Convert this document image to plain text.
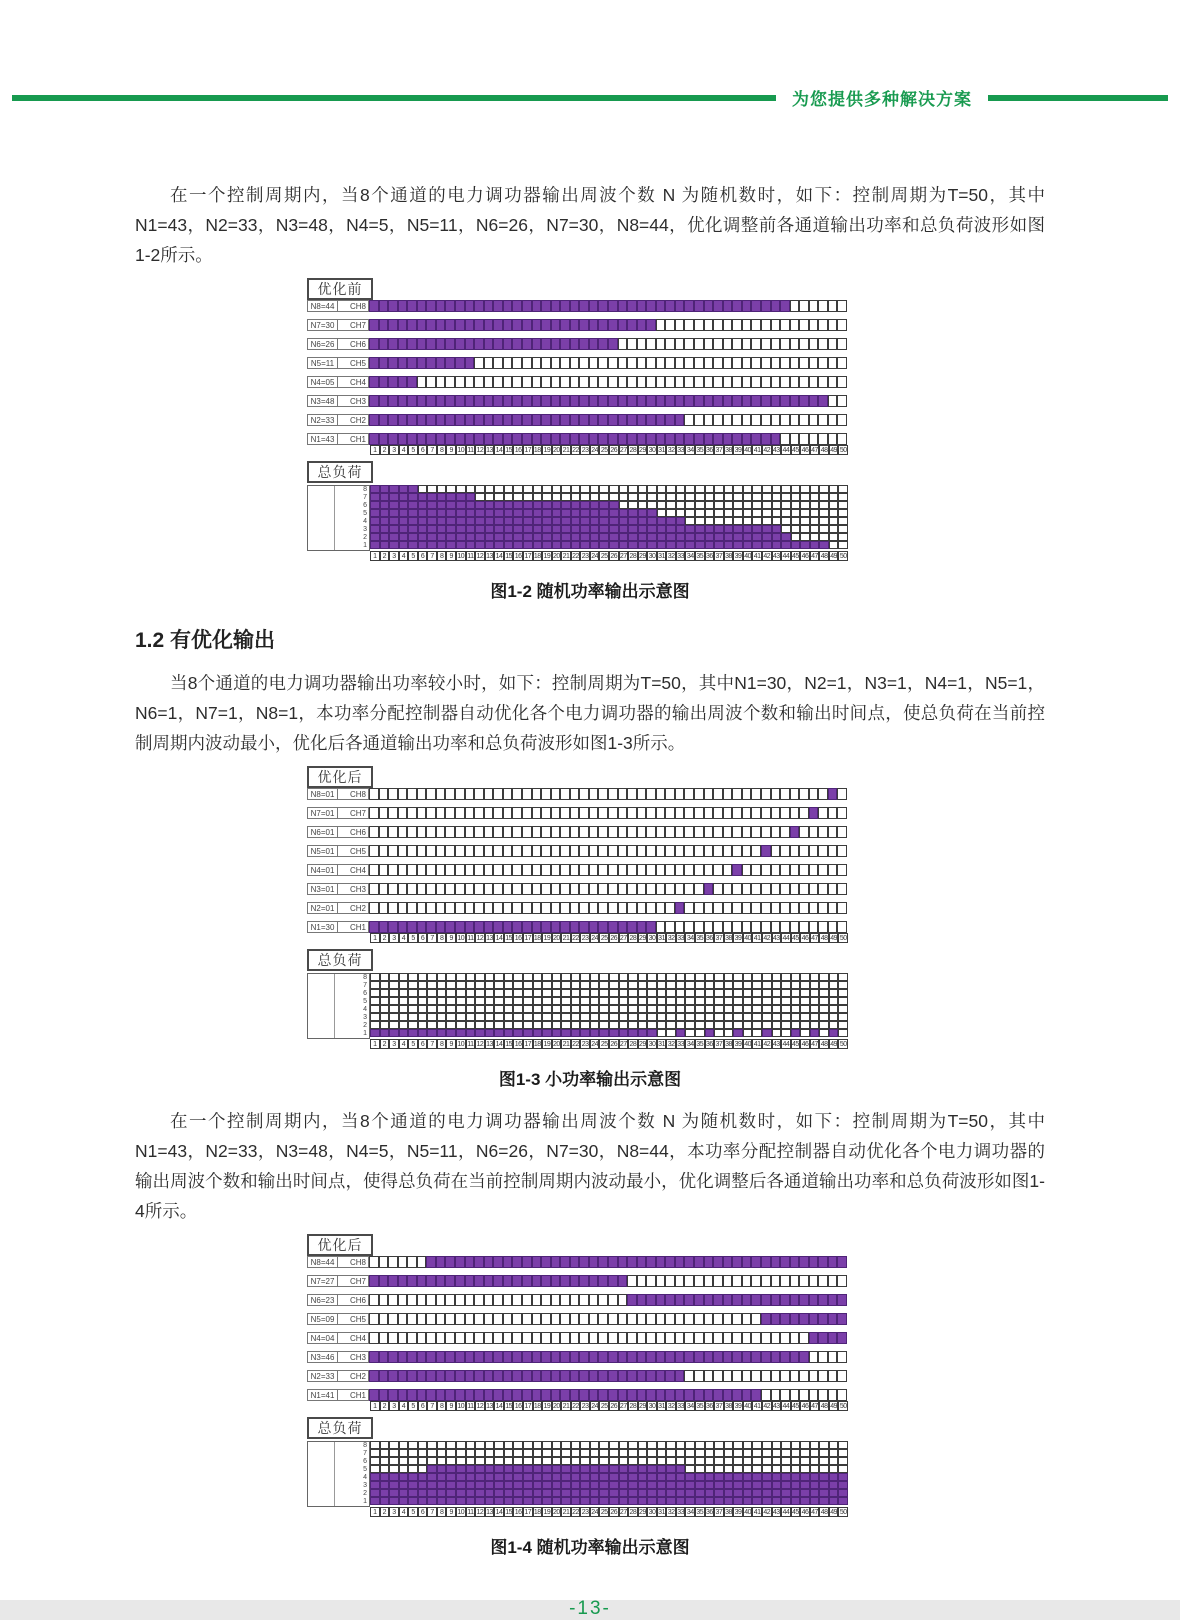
为您提供多种解决方案

在一个控制周期内，当8个通道的电力调功器输出周波个数 N 为随机数时，如下：控制周期为T=50，其中N1=43，N2=33，N3=48，N4=5，N5=11，N6=26，N7=30，N8=44，优化调整前各通道输出功率和总负荷波形如图1-2所示。

优化前
N8=44	CH8
N7=30	CH7
N6=26	CH6
N5=11	CH5
N4=05	CH4
N3=48	CH3
N2=33	CH2
N1=43	CH1
1 2 3 4 5 6 7 8 9 10 11 12 13 14 15 16 17 18 19 20 21 22 23 24 25 26 27 28 29 30 31 32 33 34 35 36 37 38 39 40 41 42 43 44 45 46 47 48 49 50
总负荷
8
7
6
5
4
3
2
1
1 2 3 4 5 6 7 8 9 10 11 12 13 14 15 16 17 18 19 20 21 22 23 24 25 26 27 28 29 30 31 32 33 34 35 36 37 38 39 40 41 42 43 44 45 46 47 48 49 50
图1-2 随机功率输出示意图
1.2 有优化输出

当8个通道的电力调功器输出功率较小时，如下：控制周期为T=50，其中N1=30，N2=1，N3=1，N4=1，N5=1，N6=1，N7=1，N8=1，本功率分配控制器自动优化各个电力调功器的输出周波个数和输出时间点，使总负荷在当前控制周期内波动最小，优化后各通道输出功率和总负荷波形如图1-3所示。

优化后
N8=01	CH8
N7=01	CH7
N6=01	CH6
N5=01	CH5
N4=01	CH4
N3=01	CH3
N2=01	CH2
N1=30	CH1
1 2 3 4 5 6 7 8 9 10 11 12 13 14 15 16 17 18 19 20 21 22 23 24 25 26 27 28 29 30 31 32 33 34 35 36 37 38 39 40 41 42 43 44 45 46 47 48 49 50
总负荷
8
7
6
5
4
3
2
1
1 2 3 4 5 6 7 8 9 10 11 12 13 14 15 16 17 18 19 20 21 22 23 24 25 26 27 28 29 30 31 32 33 34 35 36 37 38 39 40 41 42 43 44 45 46 47 48 49 50
图1-3 小功率输出示意图

在一个控制周期内，当8个通道的电力调功器输出周波个数 N 为随机数时，如下：控制周期为T=50，其中N1=43，N2=33，N3=48，N4=5，N5=11，N6=26，N7=30，N8=44，本功率分配控制器自动优化各个电力调功器的输出周波个数和输出时间点，使得总负荷在当前控制周期内波动最小，优化调整后各通道输出功率和总负荷波形如图1-4所示。

优化后
N8=44	CH8
N7=27	CH7
N6=23	CH6
N5=09	CH5
N4=04	CH4
N3=46	CH3
N2=33	CH2
N1=41	CH1
1 2 3 4 5 6 7 8 9 10 11 12 13 14 15 16 17 18 19 20 21 22 23 24 25 26 27 28 29 30 31 32 33 34 35 36 37 38 39 40 41 42 43 44 45 46 47 48 49 50
总负荷
8
7
6
5
4
3
2
1
1 2 3 4 5 6 7 8 9 10 11 12 13 14 15 16 17 18 19 20 21 22 23 24 25 26 27 28 29 30 31 32 33 34 35 36 37 38 39 40 41 42 43 44 45 46 47 48 49 50
图1-4 随机功率输出示意图
-13-
